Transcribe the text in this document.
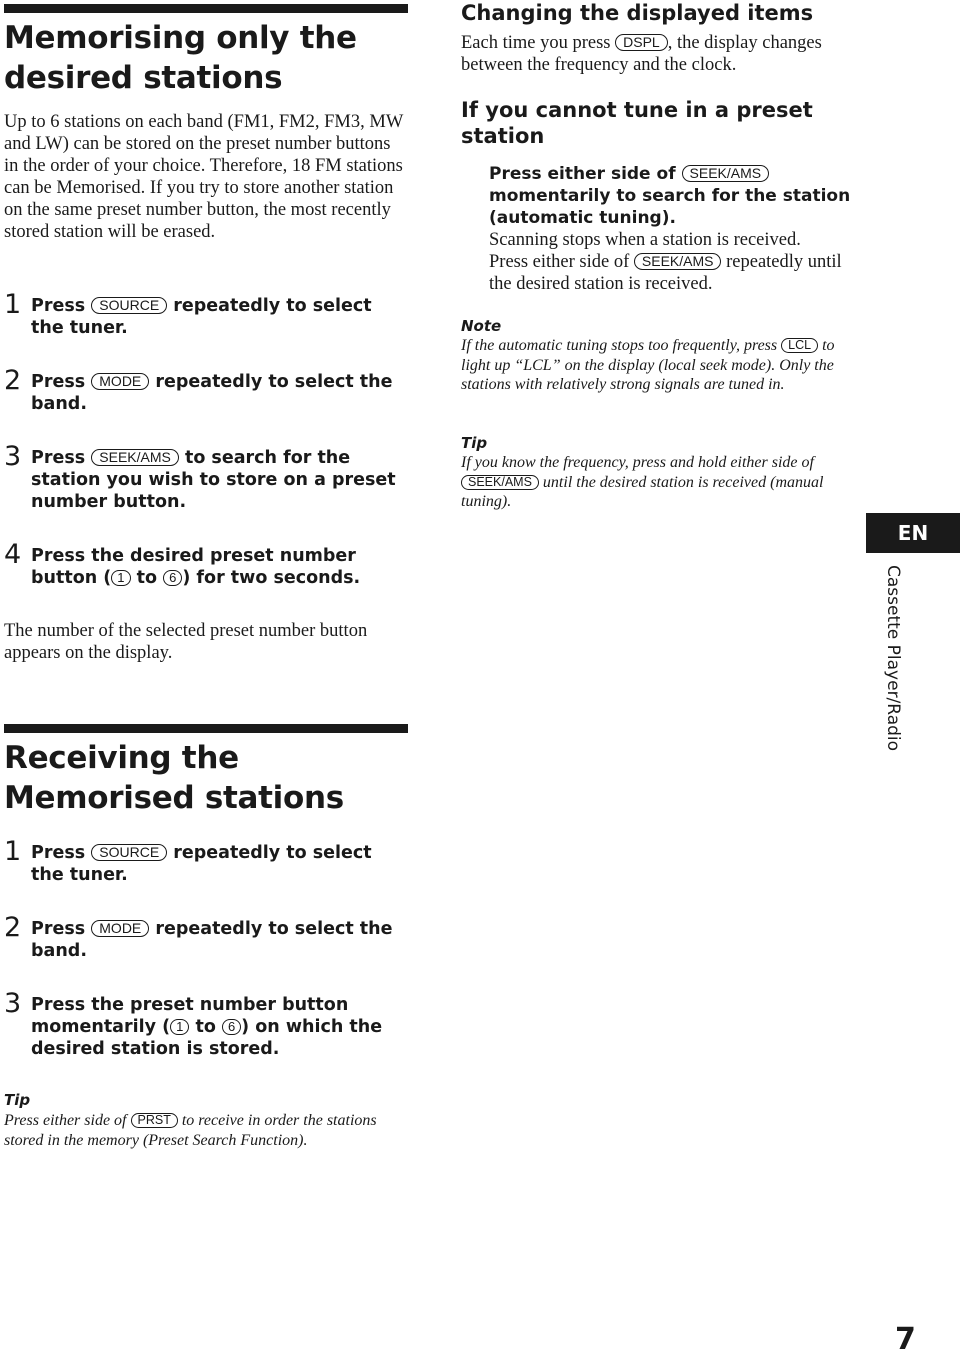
Memorising only the desired stations

Up to 6 stations on each band (FM1, FM2, FM3, MW and LW) can be stored on the preset number buttons in the order of your choice. Therefore, 18 FM stations can be Memorised. If you try to store another station on the same preset number button, the most recently stored station will be erased.

1 Press SOURCE repeatedly to select the tuner.

2 Press MODE repeatedly to select the band.

3 Press SEEK/AMS to search for the station you wish to store on a preset number button.

4 Press the desired preset number button ( 1 to 6 ) for two seconds.

The number of the selected preset number button appears on the display.

Receiving the Memorised stations
1 Press SOURCE repeatedly to select the tuner.

2 Press MODE repeatedly to select the band.

3 Press the preset number button momentarily ( 1 to 6 ) on which the desired station is stored.

Tip

Press either side of PRST to receive in order the stations stored in the memory (Preset Search Function).

Changing the displayed items

Each time you press DSPL , the display changes between the frequency and the clock.

If you cannot tune in a preset station

Press either side of SEEK/AMS momentarily to search for the station (automatic tuning).

Scanning stops when a station is received.

Press either side of SEEK/AMS repeatedly until the desired station is received.

Note

If the automatic tuning stops too frequently, press LCL to light up “LCL” on the display (local seek mode). Only the stations with relatively strong signals are tuned in.

Tip

If you know the frequency, press and hold either side of SEEK/AMS until the desired station is received (manual tuning).

EN
Cassette Player/Radio
7
